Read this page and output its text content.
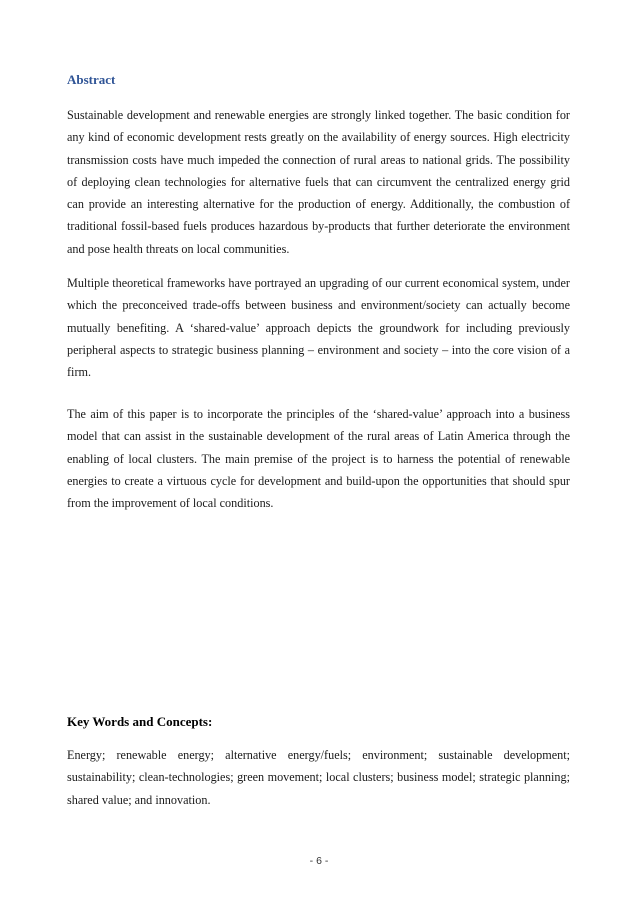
Abstract

Sustainable development and renewable energies are strongly linked together. The basic condition for any kind of economic development rests greatly on the availability of energy sources. High electricity transmission costs have much impeded the connection of rural areas to national grids. The possibility of deploying clean technologies for alternative fuels that can circumvent the centralized energy grid can provide an interesting alternative for the production of energy. Additionally, the combustion of traditional fossil-based fuels produces hazardous by-products that further deteriorate the environment and pose health threats on local communities.

Multiple theoretical frameworks have portrayed an upgrading of our current economical system, under which the preconceived trade-offs between business and environment/society can actually become mutually benefiting. A ‘shared-value’ approach depicts the groundwork for including previously peripheral aspects to strategic business planning – environment and society – into the core vision of a firm.

The aim of this paper is to incorporate the principles of the ‘shared-value’ approach into a business model that can assist in the sustainable development of the rural areas of Latin America through the enabling of local clusters. The main premise of the project is to harness the potential of renewable energies to create a virtuous cycle for development and build-upon the opportunities that should spur from the improvement of local conditions.

Key Words and Concepts:

Energy; renewable energy; alternative energy/fuels; environment; sustainable development; sustainability; clean-technologies; green movement; local clusters; business model; strategic planning; shared value; and innovation.

- 6 -
